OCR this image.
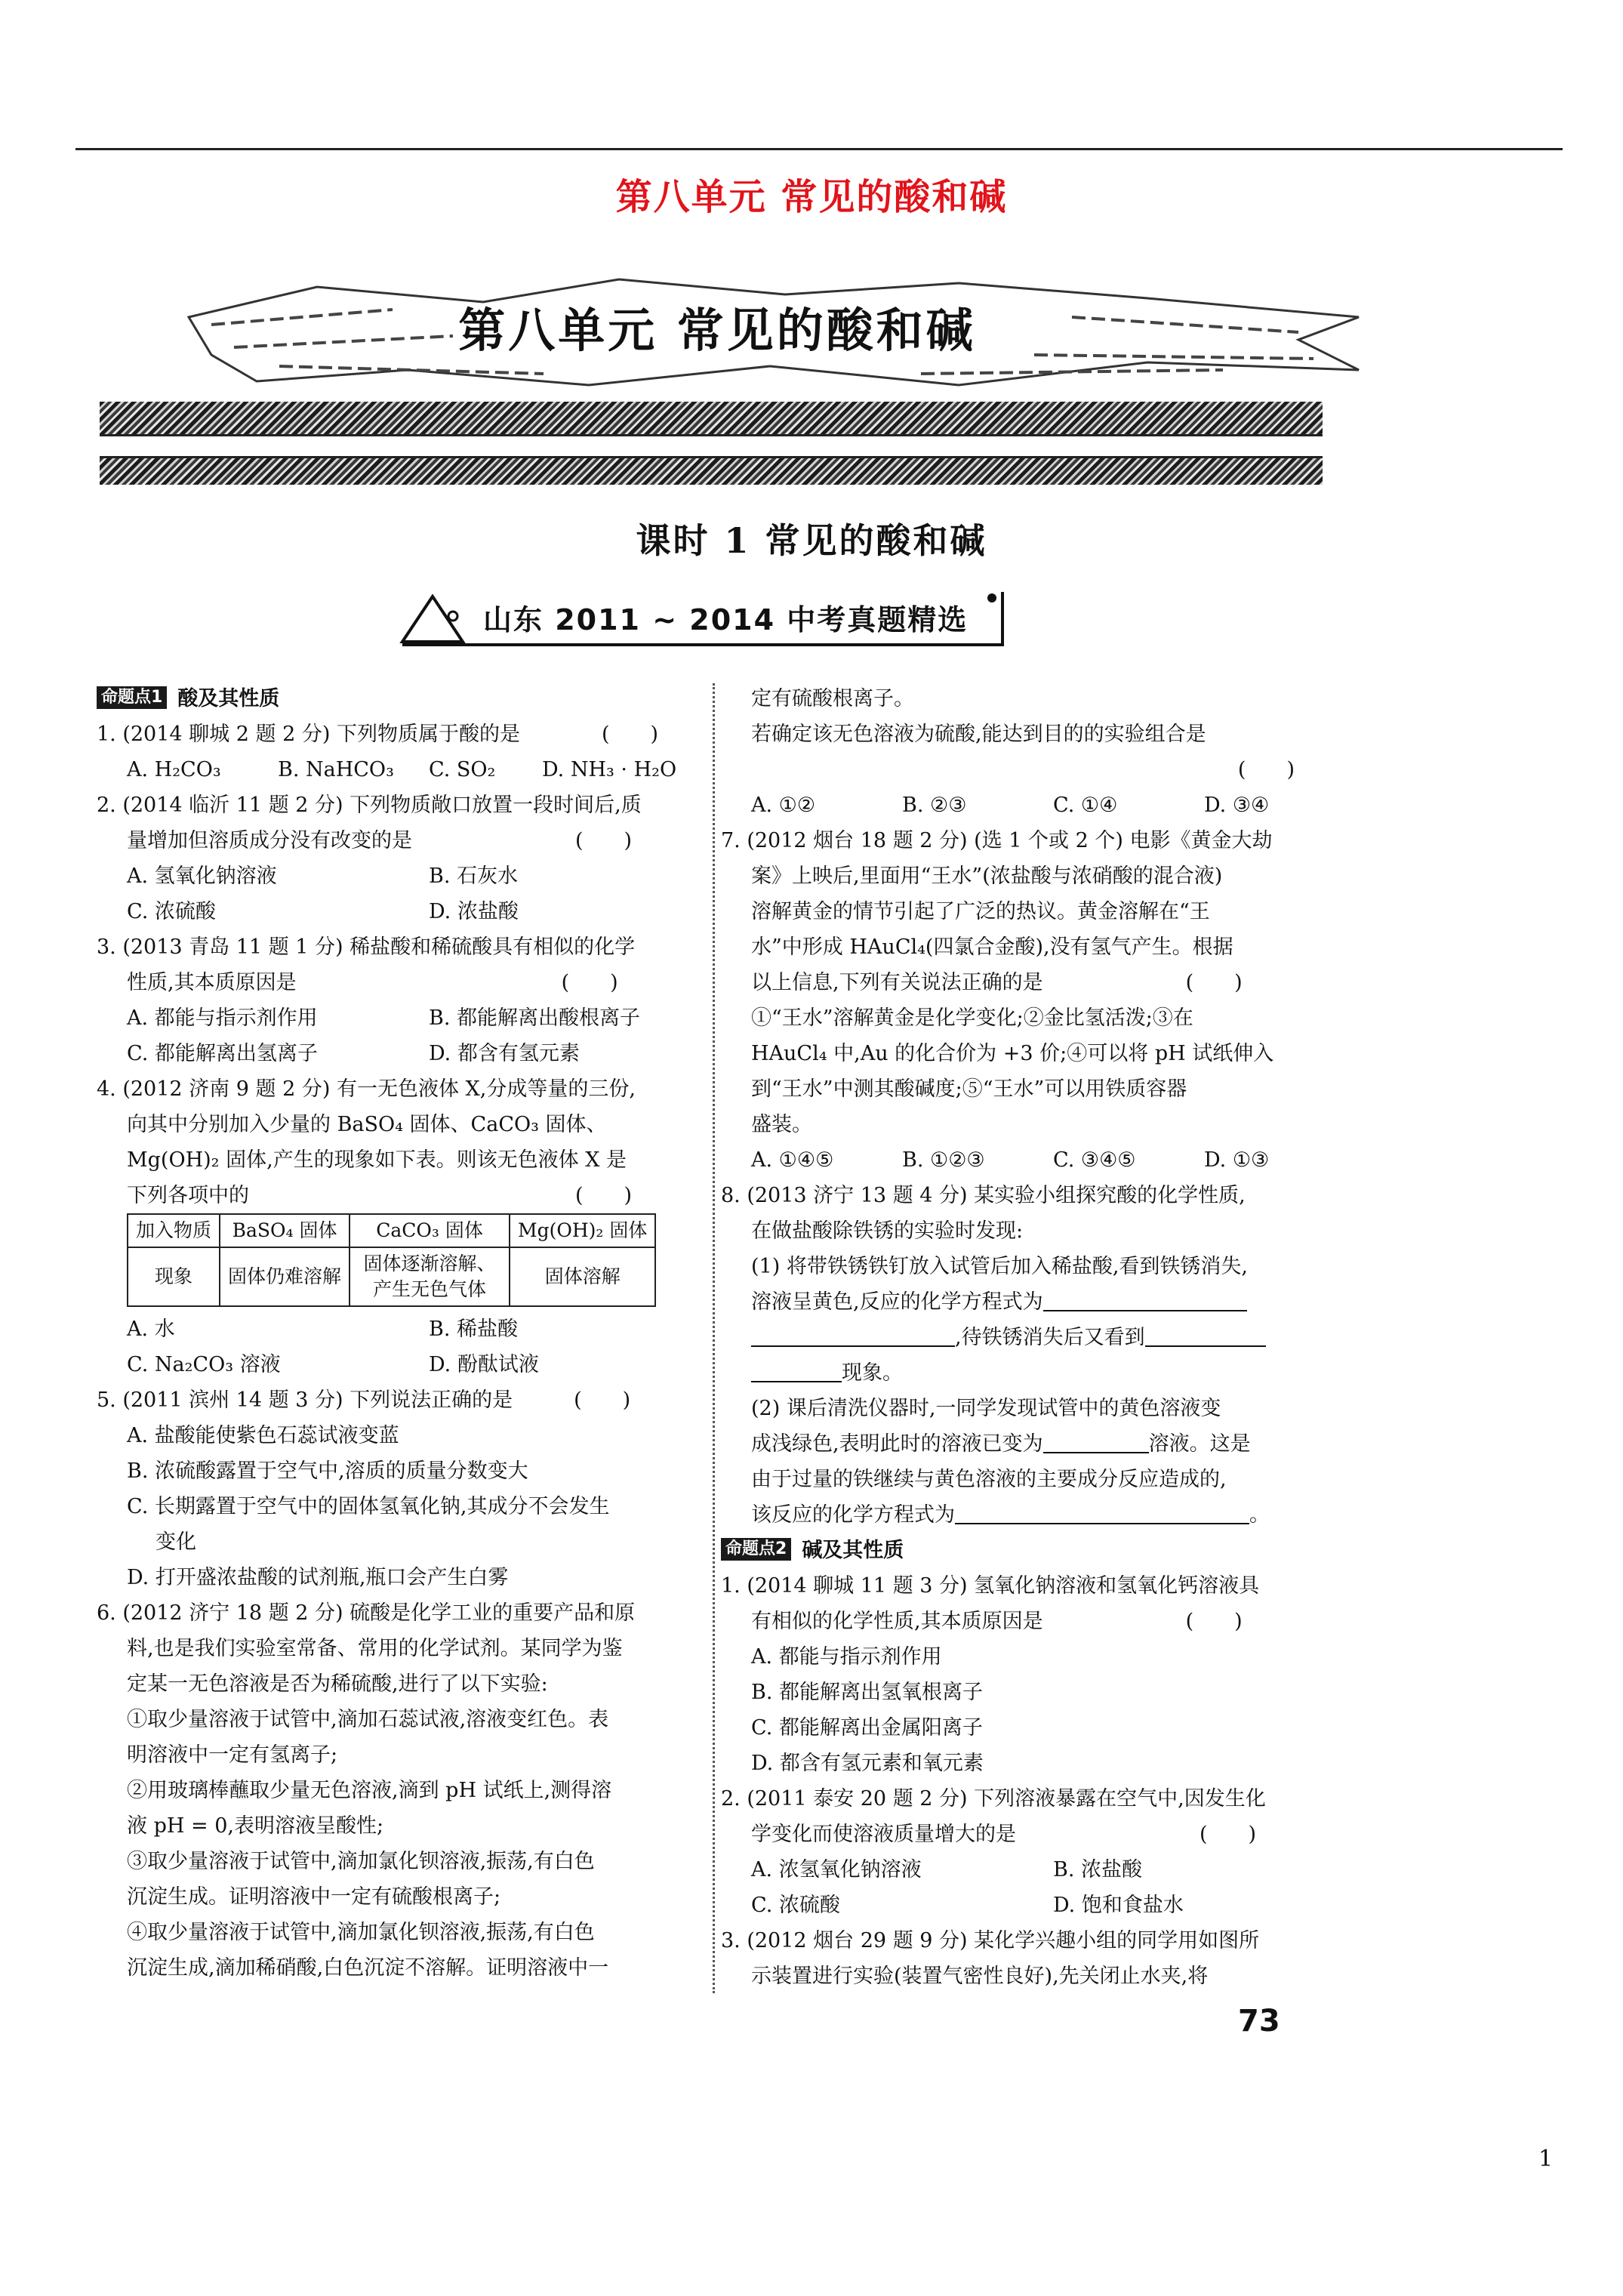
第八单元 常见的酸和碱
第八单元 常见的酸和碱
课时 1 常见的酸和碱
山东 2011 ~ 2014 中考真题精选
命题点1 酸及其性质
1. (2014 聊城 2 题 2 分) 下列物质属于酸的是　　　　(　　)
A. H₂CO₃	B. NaHCO₃ C. SO₂ D. NH₃ · H₂O
2. (2014 临沂 11 题 2 分) 下列物质敞口放置一段时间后,质
量增加但溶质成分没有改变的是　　　　　　　　(　　)
A. 氢氧化钠溶液	B. 石灰水
C. 浓硫酸	D. 浓盐酸
3. (2013 青岛 11 题 1 分) 稀盐酸和稀硫酸具有相似的化学
性质,其本质原因是　　　　　　　　　　　　　(　　)
A. 都能与指示剂作用	B. 都能解离出酸根离子
C. 都能解离出氢离子	D. 都含有氢元素
4. (2012 济南 9 题 2 分) 有一无色液体 X,分成等量的三份,
向其中分别加入少量的 BaSO₄ 固体、CaCO₃ 固体、
Mg(OH)₂ 固体,产生的现象如下表。则该无色液体 X 是
下列各项中的　　　　　　　　　　　　　　　　(　　)
加入物质	BaSO₄ 固体	CaCO₃ 固体	Mg(OH)₂ 固体
现象	固体仍难溶解	固体逐渐溶解、产生无色气体	固体溶解
A. 水	B. 稀盐酸
C. Na₂CO₃ 溶液	D. 酚酞试液
5. (2011 滨州 14 题 3 分) 下列说法正确的是　　　(　　)
A. 盐酸能使紫色石蕊试液变蓝
B. 浓硫酸露置于空气中,溶质的质量分数变大
C. 长期露置于空气中的固体氢氧化钠,其成分不会发生
变化
D. 打开盛浓盐酸的试剂瓶,瓶口会产生白雾
6. (2012 济宁 18 题 2 分) 硫酸是化学工业的重要产品和原
料,也是我们实验室常备、常用的化学试剂。某同学为鉴
定某一无色溶液是否为稀硫酸,进行了以下实验:
①取少量溶液于试管中,滴加石蕊试液,溶液变红色。表
明溶液中一定有氢离子;
②用玻璃棒蘸取少量无色溶液,滴到 pH 试纸上,测得溶
液 pH = 0,表明溶液呈酸性;
③取少量溶液于试管中,滴加氯化钡溶液,振荡,有白色
沉淀生成。证明溶液中一定有硫酸根离子;
④取少量溶液于试管中,滴加氯化钡溶液,振荡,有白色
沉淀生成,滴加稀硝酸,白色沉淀不溶解。证明溶液中一
定有硫酸根离子。
若确定该无色溶液为硫酸,能达到目的的实验组合是
(　　)
A. ①②	B. ②③	C. ①④	D. ③④
7. (2012 烟台 18 题 2 分) (选 1 个或 2 个) 电影《黄金大劫
案》上映后,里面用“王水”(浓盐酸与浓硝酸的混合液)
溶解黄金的情节引起了广泛的热议。黄金溶解在“王
水”中形成 HAuCl₄(四氯合金酸),没有氢气产生。根据
以上信息,下列有关说法正确的是　　　　　　　(　　)
①“王水”溶解黄金是化学变化;②金比氢活泼;③在
HAuCl₄ 中,Au 的化合价为 +3 价;④可以将 pH 试纸伸入
到“王水”中测其酸碱度;⑤“王水”可以用铁质容器
盛装。
A. ①④⑤	B. ①②③	C. ③④⑤	D. ①③
8. (2013 济宁 13 题 4 分) 某实验小组探究酸的化学性质,
在做盐酸除铁锈的实验时发现:
(1) 将带铁锈铁钉放入试管后加入稀盐酸,看到铁锈消失,
溶液呈黄色,反应的化学方程式为
,待铁锈消失后又看到
现象。
(2) 课后清洗仪器时,一同学发现试管中的黄色溶液变
成浅绿色,表明此时的溶液已变为	溶液。这是
由于过量的铁继续与黄色溶液的主要成分反应造成的,
该反应的化学方程式为	。
命题点2 碱及其性质
1. (2014 聊城 11 题 3 分) 氢氧化钠溶液和氢氧化钙溶液具
有相似的化学性质,其本质原因是　　　　　　　(　　)
A. 都能与指示剂作用
B. 都能解离出氢氧根离子
C. 都能解离出金属阳离子
D. 都含有氢元素和氧元素
2. (2011 泰安 20 题 2 分) 下列溶液暴露在空气中,因发生化
学变化而使溶液质量增大的是　　　　　　　　　(　　)
A. 浓氢氧化钠溶液	B. 浓盐酸
C. 浓硫酸	D. 饱和食盐水
3. (2012 烟台 29 题 9 分) 某化学兴趣小组的同学用如图所
示装置进行实验(装置气密性良好),先关闭止水夹,将
73
1
